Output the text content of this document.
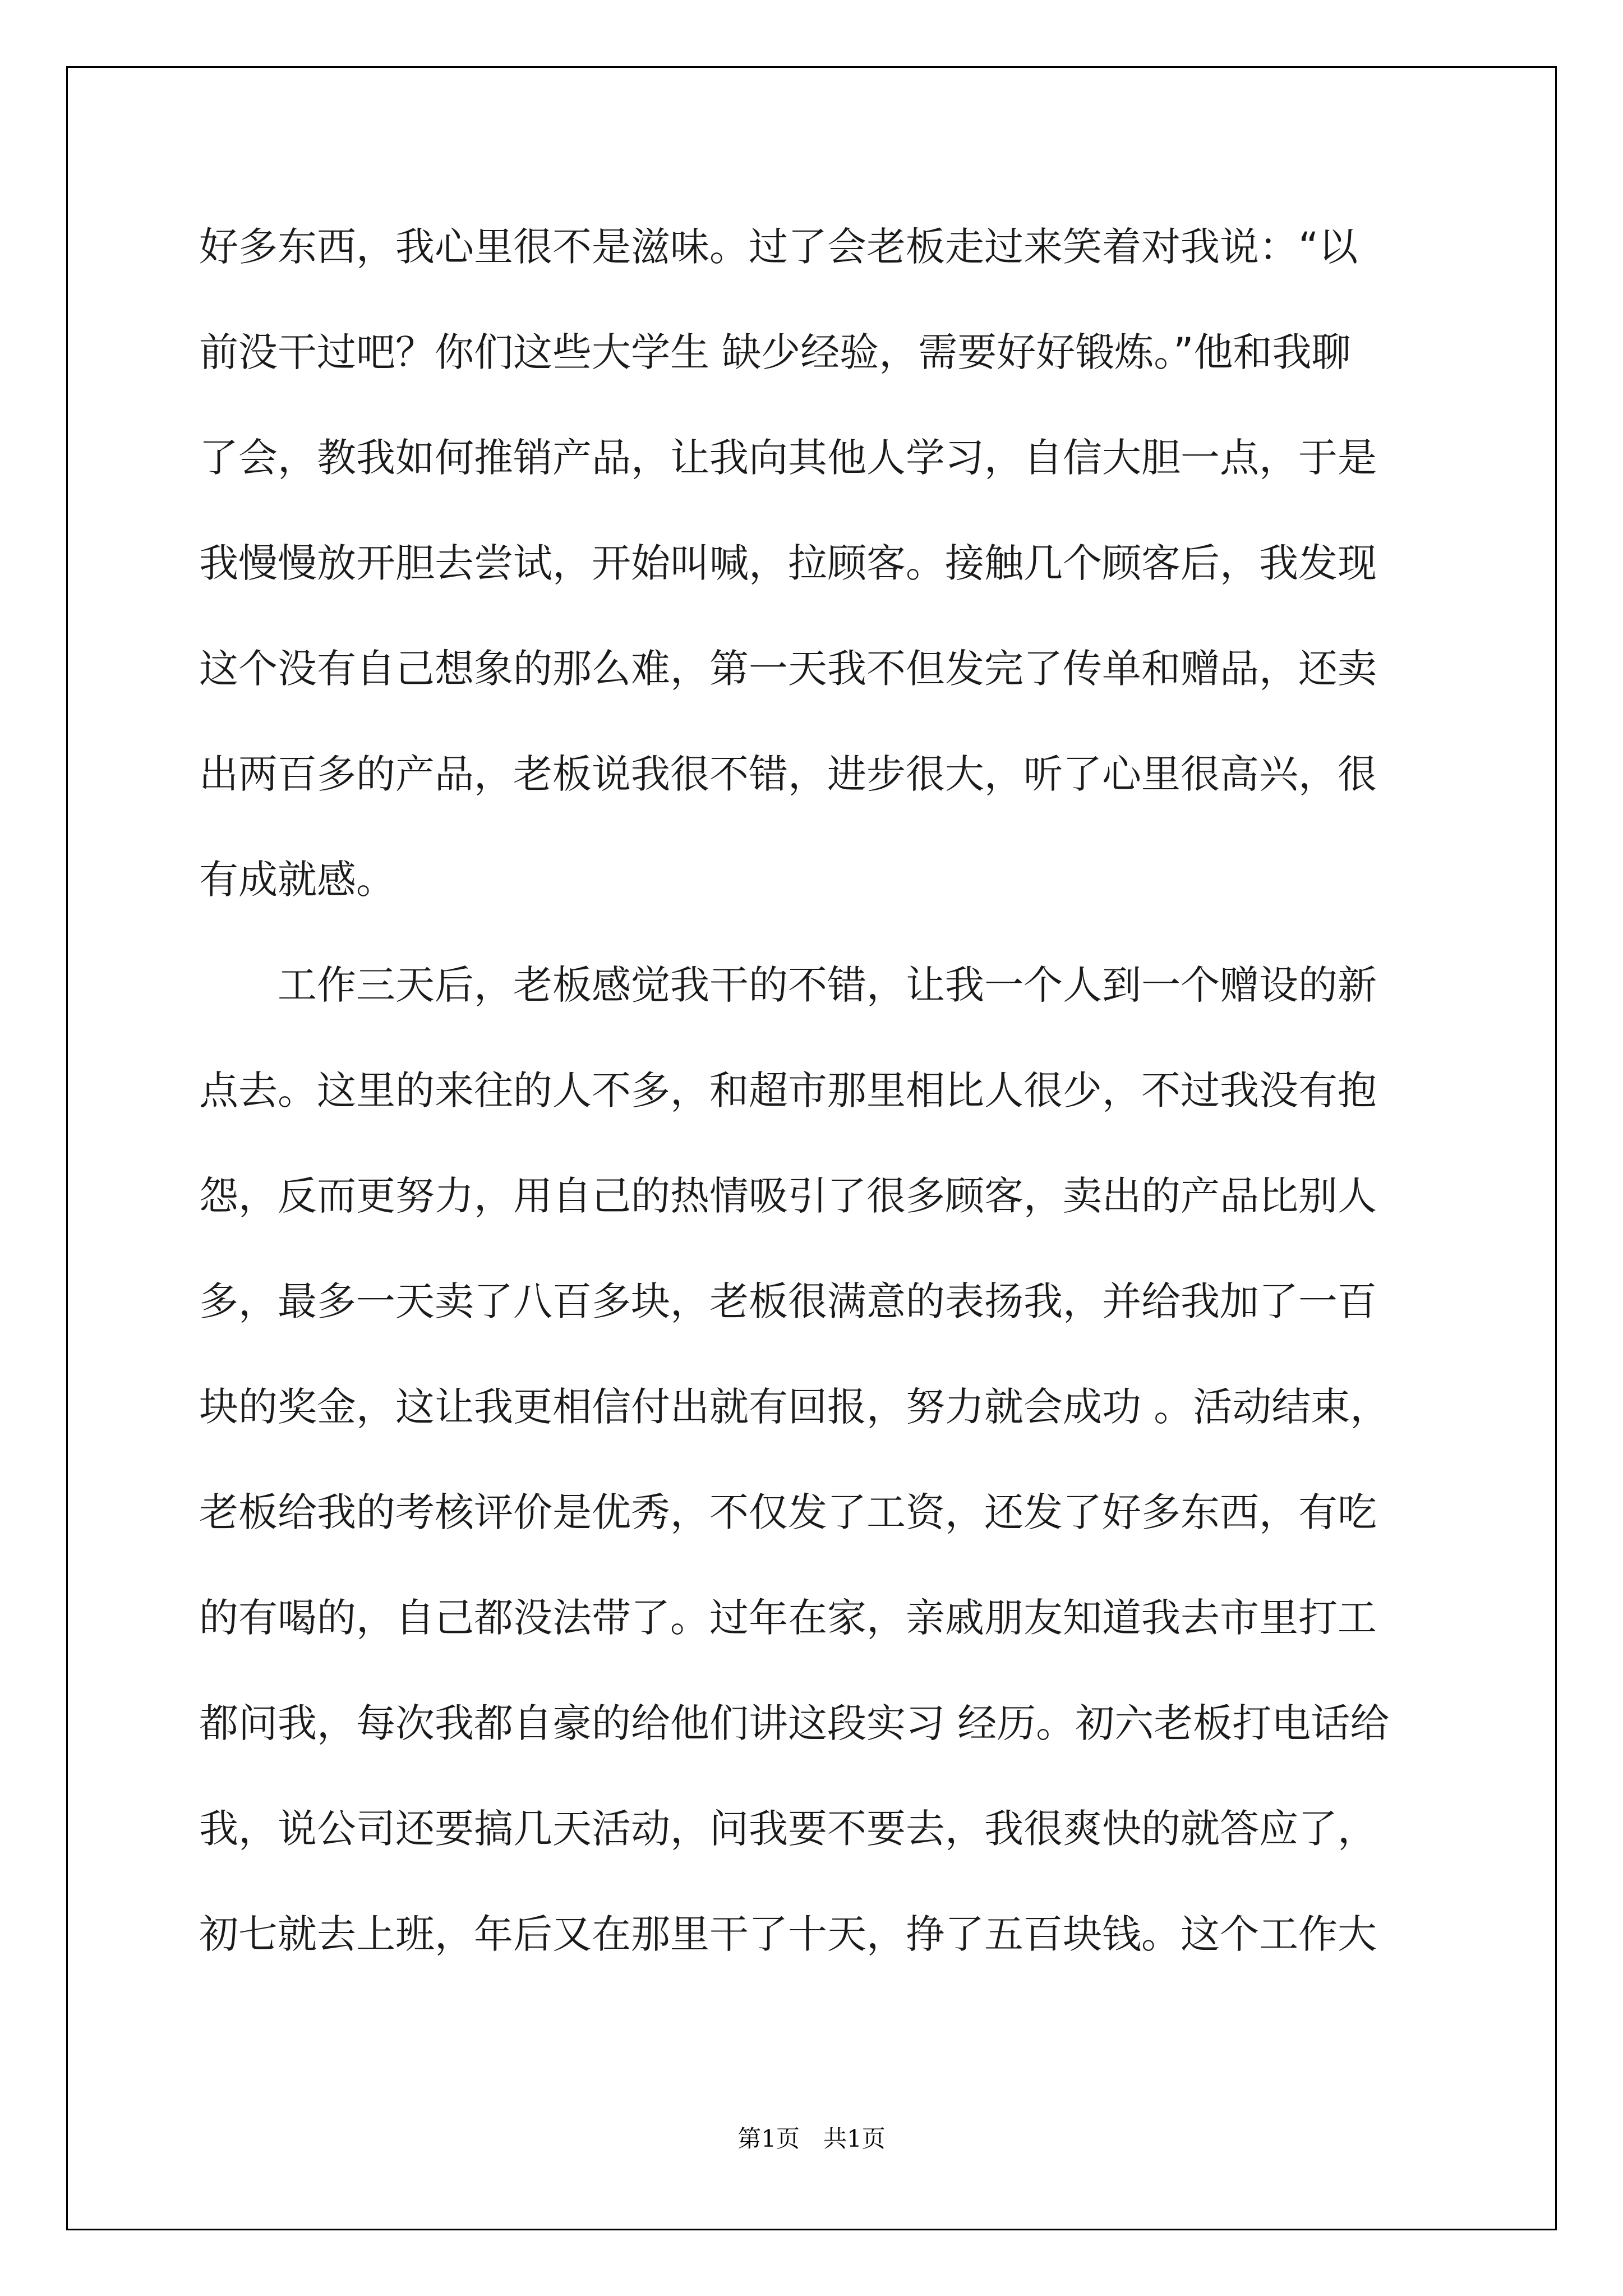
好多东西，我心里很不是滋味。过了会老板走过来笑着对我说：“以
前没干过吧？你们这些大学生 缺少经验，需要好好锻炼。”他和我聊
了会，教我如何推销产品，让我向其他人学习，自信大胆一点，于是
我慢慢放开胆去尝试，开始叫喊，拉顾客。接触几个顾客后，我发现
这个没有自己想象的那么难，第一天我不但发完了传单和赠品，还卖
出两百多的产品，老板说我很不错，进步很大，听了心里很高兴，很
有成就感。
　　工作三天后，老板感觉我干的不错，让我一个人到一个赠设的新
点去。这里的来往的人不多，和超市那里相比人很少，不过我没有抱
怨，反而更努力，用自己的热情吸引了很多顾客，卖出的产品比别人
多，最多一天卖了八百多块，老板很满意的表扬我，并给我加了一百
块的奖金，这让我更相信付出就有回报，努力就会成功 。活动结束，
老板给我的考核评价是优秀，不仅发了工资，还发了好多东西，有吃
的有喝的，自己都没法带了。过年在家，亲戚朋友知道我去市里打工
都问我，每次我都自豪的给他们讲这段实习 经历。初六老板打电话给
我，说公司还要搞几天活动，问我要不要去，我很爽快的就答应了，
初七就去上班，年后又在那里干了十天，挣了五百块钱。这个工作大
第1页　共1页
